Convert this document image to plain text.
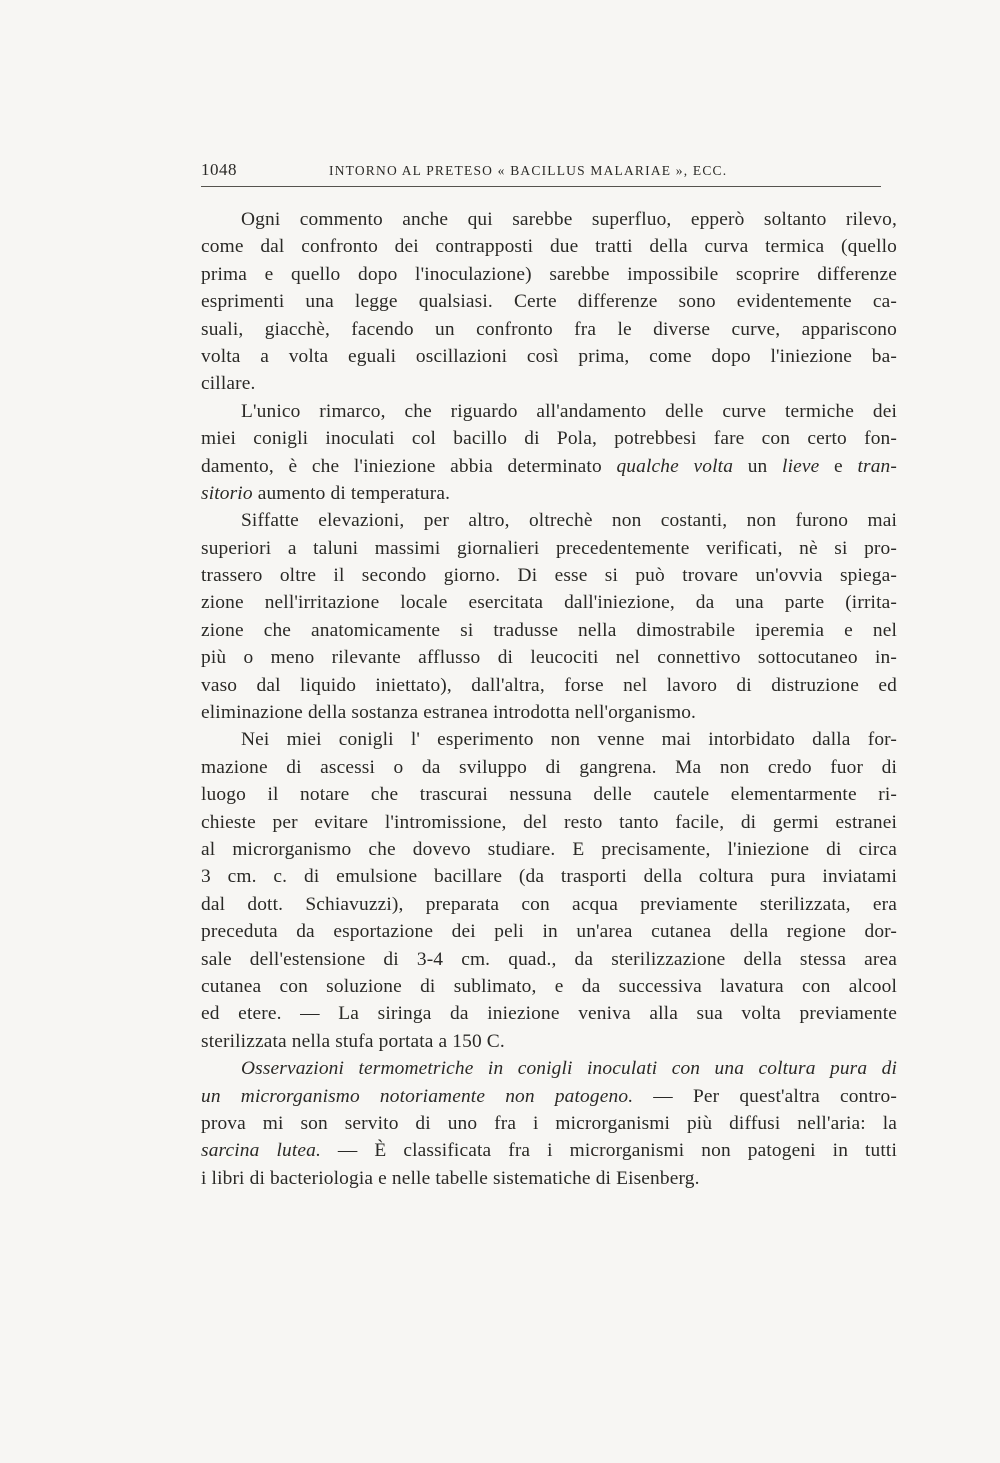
1048	INTORNO AL PRETESO « BACILLUS MALARIAE », ECC.
Ogni commento anche qui sarebbe superfluo, epperò soltanto rilevo,
come dal confronto dei contrapposti due tratti della curva termica (quello
prima e quello dopo l'inoculazione) sarebbe impossibile scoprire differenze
esprimenti una legge qualsiasi. Certe differenze sono evidentemente ca-
suali, giacchè, facendo un confronto fra le diverse curve, appariscono
volta a volta eguali oscillazioni così prima, come dopo l'iniezione ba-
cillare.
L'unico rimarco, che riguardo all'andamento delle curve termiche dei
miei conigli inoculati col bacillo di Pola, potrebbesi fare con certo fon-
damento, è che l'iniezione abbia determinato qualche volta un lieve e tran-
sitorio aumento di temperatura.
Siffatte elevazioni, per altro, oltrechè non costanti, non furono mai
superiori a taluni massimi giornalieri precedentemente verificati, nè si pro-
trassero oltre il secondo giorno. Di esse si può trovare un'ovvia spiega-
zione nell'irritazione locale esercitata dall'iniezione, da una parte (irrita-
zione che anatomicamente si tradusse nella dimostrabile iperemia e nel
più o meno rilevante afflusso di leucociti nel connettivo sottocutaneo in-
vaso dal liquido iniettato), dall'altra, forse nel lavoro di distruzione ed
eliminazione della sostanza estranea introdotta nell'organismo.
Nei miei conigli l' esperimento non venne mai intorbidato dalla for-
mazione di ascessi o da sviluppo di gangrena. Ma non credo fuor di
luogo il notare che trascurai nessuna delle cautele elementarmente ri-
chieste per evitare l'intromissione, del resto tanto facile, di germi estranei
al microrganismo che dovevo studiare. E precisamente, l'iniezione di circa
3 cm. c. di emulsione bacillare (da trasporti della coltura pura inviatami
dal dott. Schiavuzzi), preparata con acqua previamente sterilizzata, era
preceduta da esportazione dei peli in un'area cutanea della regione dor-
sale dell'estensione di 3-4 cm. quad., da sterilizzazione della stessa area
cutanea con soluzione di sublimato, e da successiva lavatura con alcool
ed etere. — La siringa da iniezione veniva alla sua volta previamente
sterilizzata nella stufa portata a 150 C.
Osservazioni termometriche in conigli inoculati con una coltura pura di
un microrganismo notoriamente non patogeno. — Per quest'altra contro-
prova mi son servito di uno fra i microrganismi più diffusi nell'aria: la
sarcina lutea. — È classificata fra i microrganismi non patogeni in tutti
i libri di bacteriologia e nelle tabelle sistematiche di Eisenberg.
